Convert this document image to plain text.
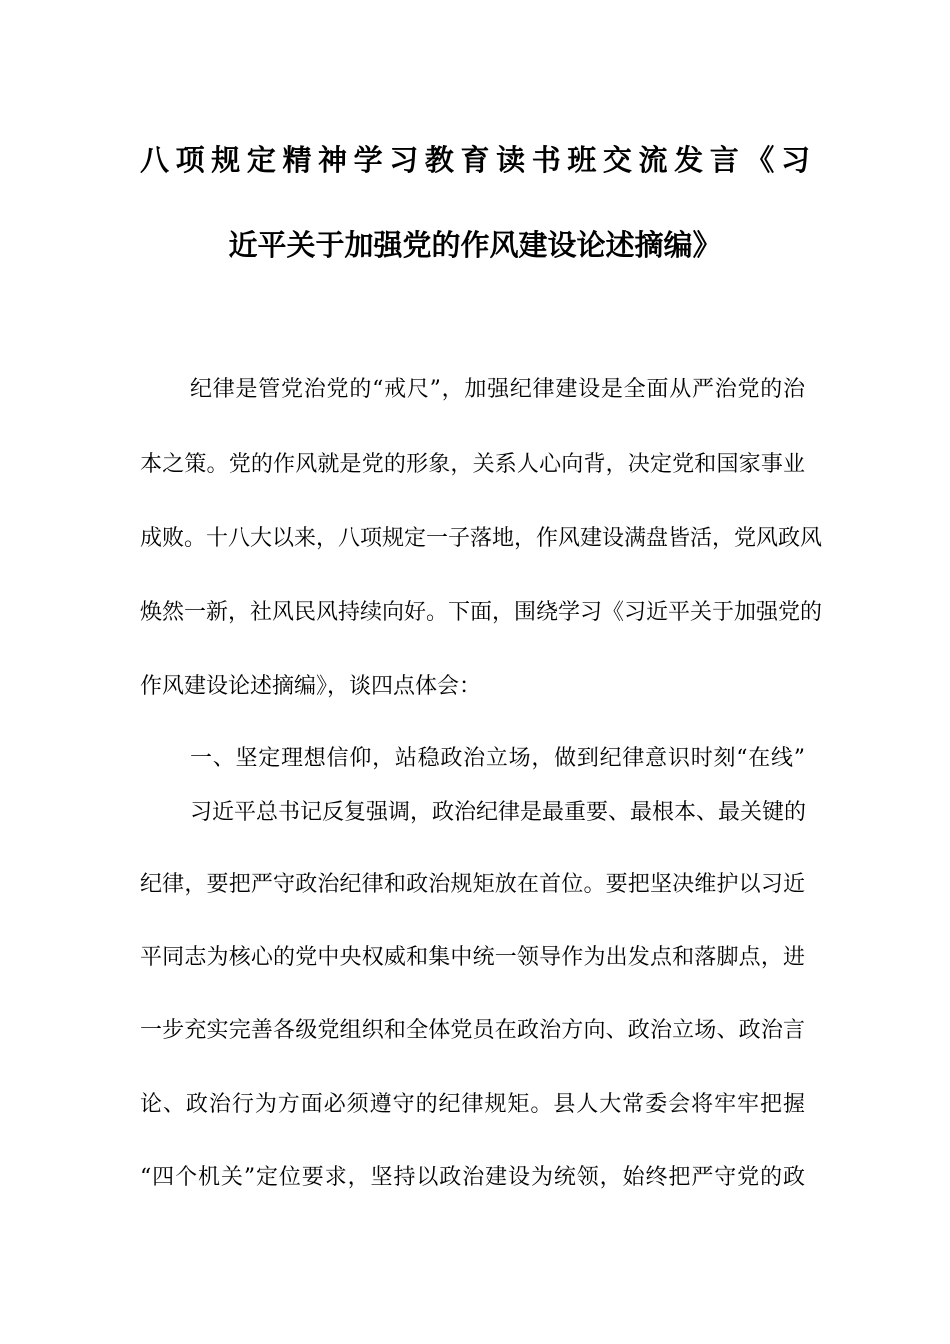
八项规定精神学习教育读书班交流发言《习
近平关于加强党的作风建设论述摘编》
纪律是管党治党的“戒尺”，加强纪律建设是全面从严治党的治
本之策。党的作风就是党的形象，关系人心向背，决定党和国家事业
成败。十八大以来，八项规定一子落地，作风建设满盘皆活，党风政风
焕然一新，社风民风持续向好。下面，围绕学习《习近平关于加强党的
作风建设论述摘编》，谈四点体会：
一、坚定理想信仰，站稳政治立场，做到纪律意识时刻“在线”
习近平总书记反复强调，政治纪律是最重要、最根本、最关键的
纪律，要把严守政治纪律和政治规矩放在首位。要把坚决维护以习近
平同志为核心的党中央权威和集中统一领导作为出发点和落脚点，进
一步充实完善各级党组织和全体党员在政治方向、政治立场、政治言
论、政治行为方面必须遵守的纪律规矩。县人大常委会将牢牢把握
“四个机关”定位要求，坚持以政治建设为统领，始终把严守党的政
